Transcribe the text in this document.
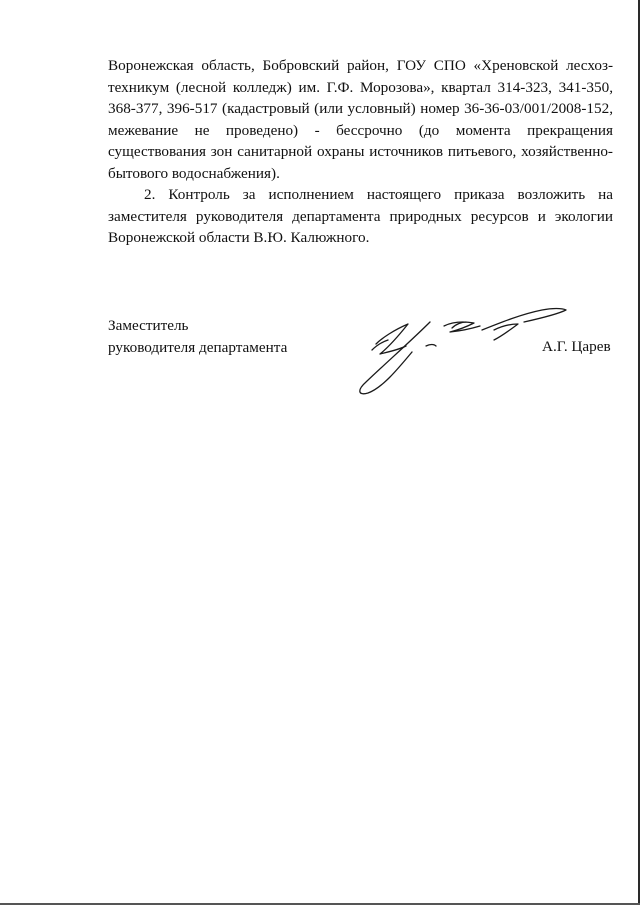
Воронежская область, Бобровский район, ГОУ СПО «Хреновской лесхоз-техникум (лесной колледж) им. Г.Ф. Морозова», квартал 314-323, 341-350, 368-377, 396-517 (кадастровый (или условный) номер 36-36-03/001/2008-152, межевание не проведено) - бессрочно (до момента прекращения существования зон санитарной охраны источников питьевого, хозяйственно-бытового водоснабжения).

2. Контроль за исполнением настоящего приказа возложить на заместителя руководителя департамента природных ресурсов и экологии Воронежской области В.Ю. Калюжного.

Заместитель
руководителя департамента	А.Г. Царев
